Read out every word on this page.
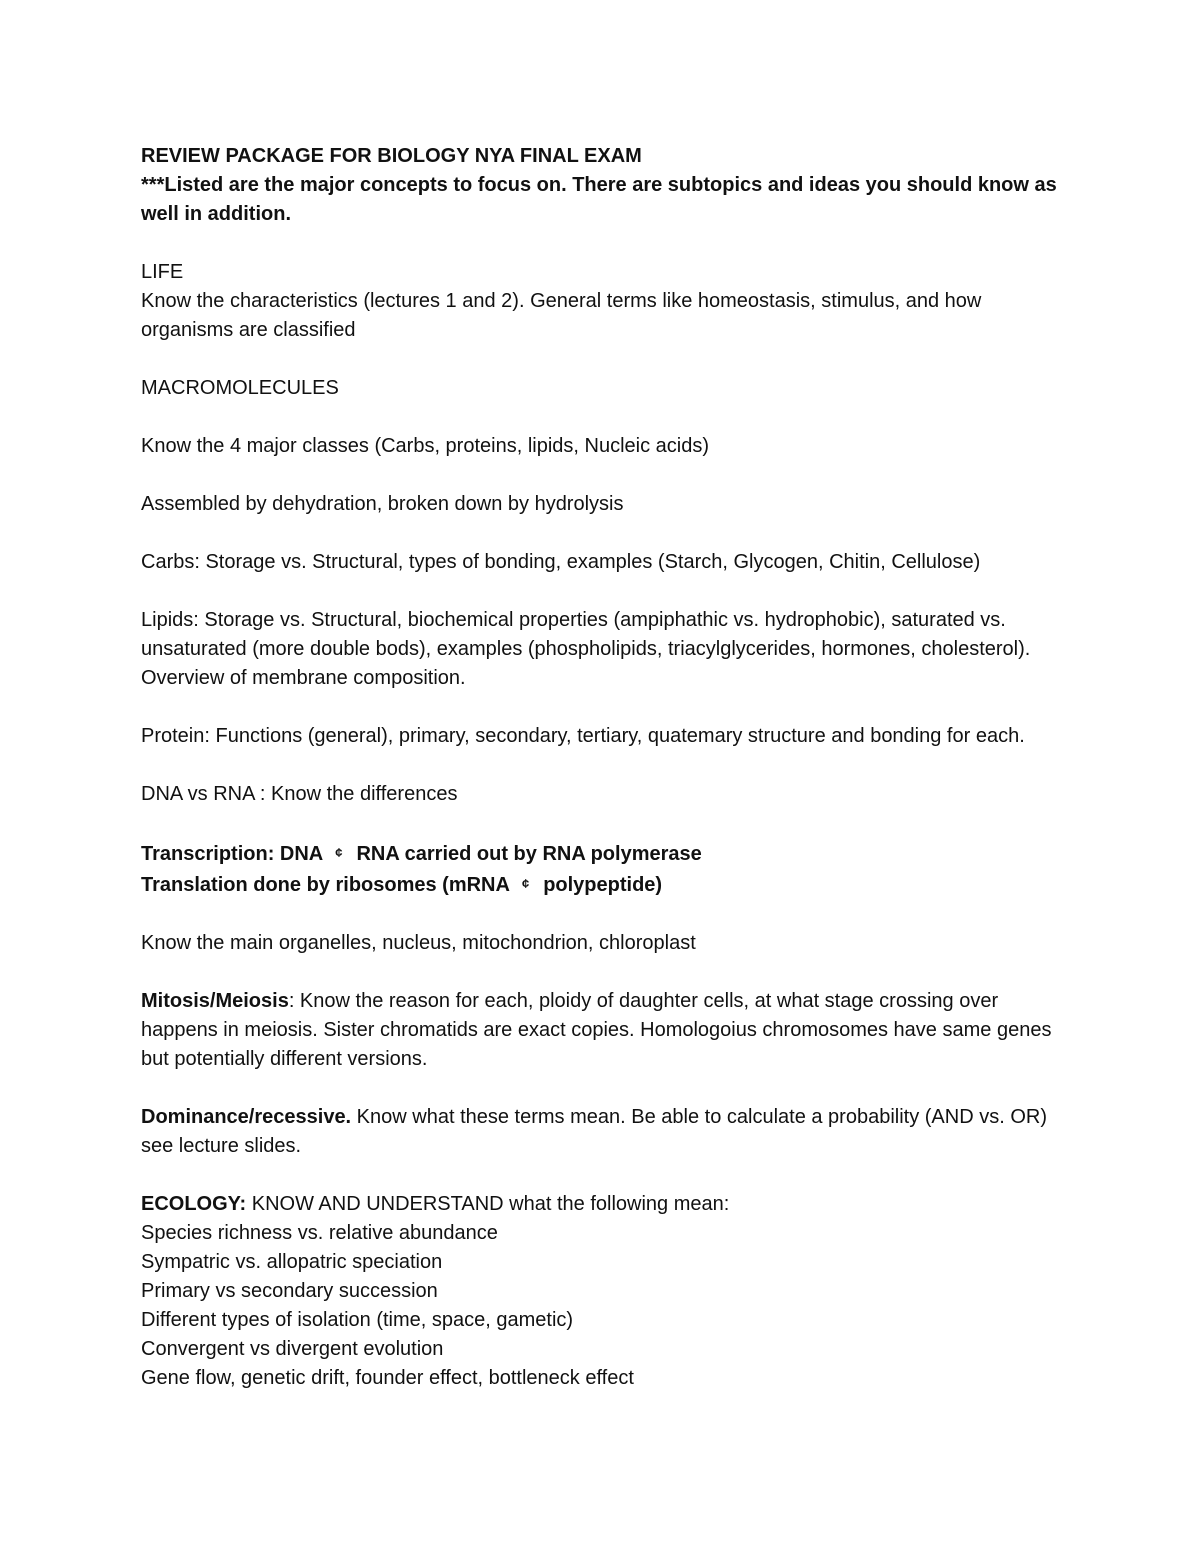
REVIEW PACKAGE FOR BIOLOGY NYA FINAL EXAM
***Listed are the major concepts to focus on. There are subtopics and ideas you should know as well in addition.
LIFE
Know the characteristics (lectures 1 and 2). General terms like homeostasis, stimulus, and how organisms are classified
MACROMOLECULES
Know the 4 major classes (Carbs, proteins, lipids, Nucleic acids)
Assembled by dehydration, broken down by hydrolysis
Carbs: Storage vs. Structural, types of bonding, examples (Starch, Glycogen, Chitin, Cellulose)
Lipids: Storage vs. Structural, biochemical properties (ampiphathic vs. hydrophobic), saturated vs. unsaturated (more double bods), examples (phospholipids, triacylglycerides, hormones, cholesterol). Overview of membrane composition.
Protein: Functions (general), primary, secondary, tertiary, quatemary structure and bonding for each.
DNA vs RNA : Know the differences
Transcription: DNA ¢ RNA carried out by RNA polymerase
Translation done by ribosomes (mRNA ¢ polypeptide)
Know the main organelles, nucleus, mitochondrion, chloroplast
Mitosis/Meiosis: Know the reason for each, ploidy of daughter cells, at what stage crossing over happens in meiosis. Sister chromatids are exact copies. Homologoius chromosomes have same genes but potentially different versions.
Dominance/recessive. Know what these terms mean. Be able to calculate a probability (AND vs. OR) see lecture slides.
ECOLOGY: KNOW AND UNDERSTAND what the following mean:
Species richness vs. relative abundance
Sympatric vs. allopatric speciation
Primary vs secondary succession
Different types of isolation (time, space, gametic)
Convergent vs divergent evolution
Gene flow, genetic drift, founder effect, bottleneck effect
